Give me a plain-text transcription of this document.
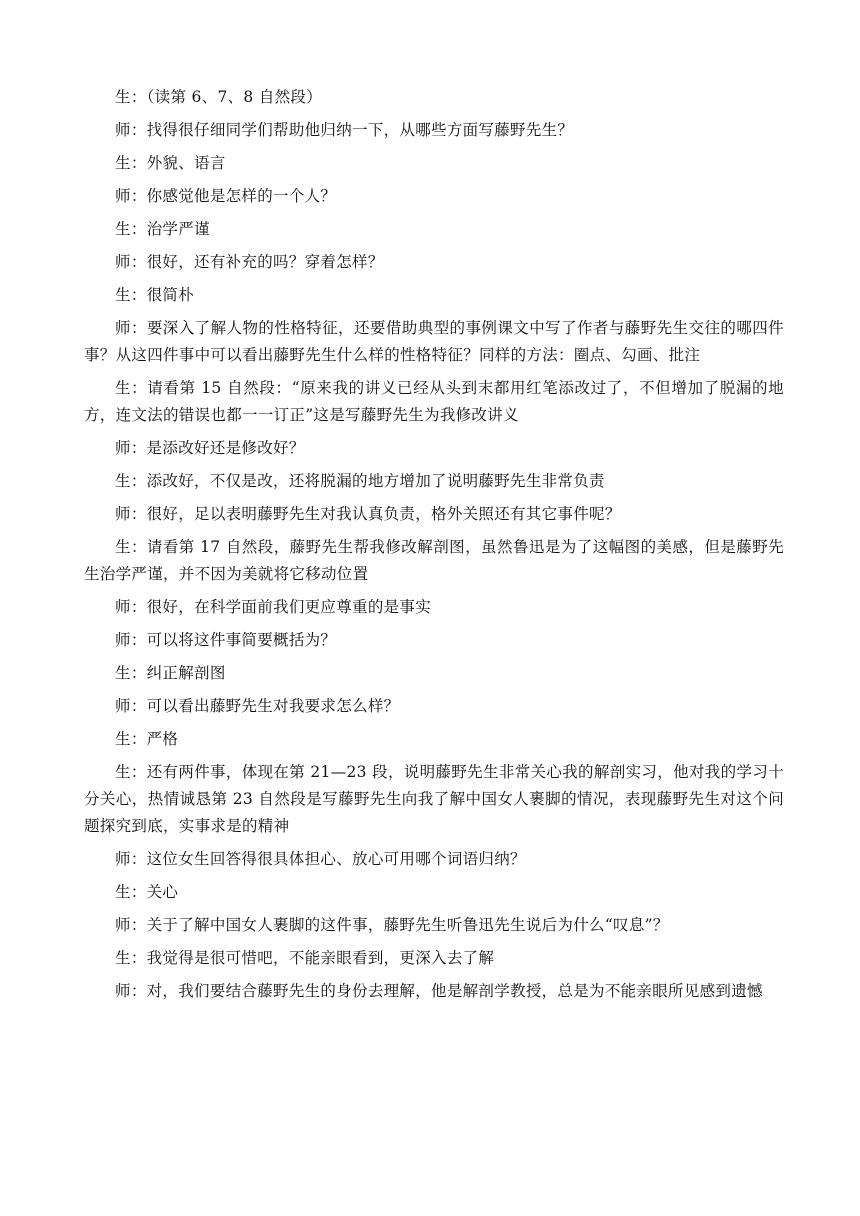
生：（读第 6、7、8 自然段）

师：找得很仔细同学们帮助他归纳一下，从哪些方面写藤野先生？

生：外貌、语言

师：你感觉他是怎样的一个人？

生：治学严谨

师：很好，还有补充的吗？穿着怎样？

生：很简朴

师：要深入了解人物的性格特征，还要借助典型的事例课文中写了作者与藤野先生交往的哪四件事？从这四件事中可以看出藤野先生什么样的性格特征？同样的方法：圈点、勾画、批注

生：请看第 15 自然段：“原来我的讲义已经从头到末都用红笔添改过了，不但增加了脱漏的地方，连文法的错误也都一一订正”这是写藤野先生为我修改讲义

师：是添改好还是修改好？

生：添改好，不仅是改，还将脱漏的地方增加了说明藤野先生非常负责

师：很好，足以表明藤野先生对我认真负责，格外关照还有其它事件呢？

生：请看第 17 自然段，藤野先生帮我修改解剖图，虽然鲁迅是为了这幅图的美感，但是藤野先生治学严谨，并不因为美就将它移动位置

师：很好，在科学面前我们更应尊重的是事实

师：可以将这件事简要概括为？

生：纠正解剖图

师：可以看出藤野先生对我要求怎么样？

生：严格

生：还有两件事，体现在第 21—23 段，说明藤野先生非常关心我的解剖实习，他对我的学习十分关心，热情诚恳第 23 自然段是写藤野先生向我了解中国女人裹脚的情况，表现藤野先生对这个问题探究到底，实事求是的精神

师：这位女生回答得很具体担心、放心可用哪个词语归纳？

生：关心

师：关于了解中国女人裹脚的这件事，藤野先生听鲁迅先生说后为什么“叹息”？

生：我觉得是很可惜吧，不能亲眼看到，更深入去了解

师：对，我们要结合藤野先生的身份去理解，他是解剖学教授，总是为不能亲眼所见感到遗憾
